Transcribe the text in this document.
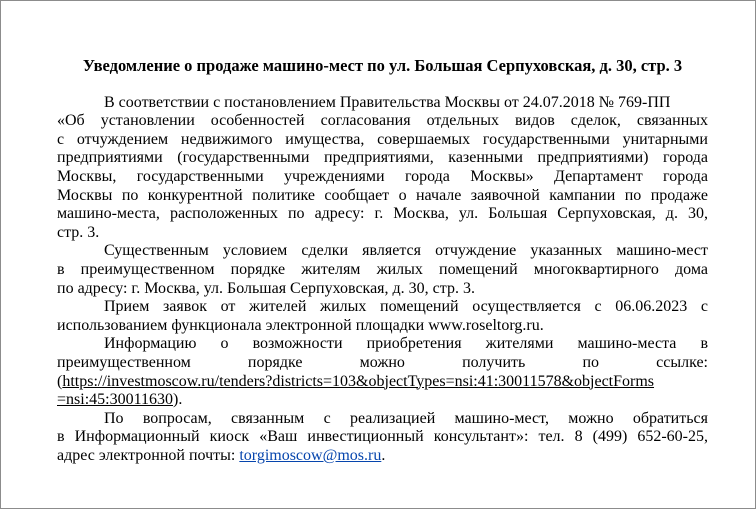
Уведомление о продаже машино-мест по ул. Большая Серпуховская, д. 30, стр. 3
В соответствии с постановлением Правительства Москвы от 24.07.2018 № 769-ПП
«Об установлении особенностей согласования отдельных видов сделок, связанных
с отчуждением недвижимого имущества, совершаемых государственными унитарными
предприятиями (государственными предприятиями, казенными предприятиями) города
Москвы, государственными учреждениями города Москвы» Департамент города
Москвы по конкурентной политике сообщает о начале заявочной кампании по продаже
машино-места, расположенных по адресу: г. Москва, ул. Большая Серпуховская, д. 30,
стр. 3.
Существенным условием сделки является отчуждение указанных машино-мест
в преимущественном порядке жителям жилых помещений многоквартирного дома
по адресу: г. Москва, ул. Большая Серпуховская, д. 30, стр. 3.
Прием заявок от жителей жилых помещений осуществляется с 06.06.2023 с
использованием функционала электронной площадки www.roseltorg.ru.
Информацию о возможности приобретения жителями машино-места в
преимущественном порядке можно получить по ссылке:
(https://investmoscow.ru/tenders?districts=103&objectTypes=nsi:41:30011578&objectForms
=nsi:45:30011630).
По вопросам, связанным с реализацией машино-мест, можно обратиться
в Информационный киоск «Ваш инвестиционный консультант»: тел. 8 (499) 652-60-25,
адрес электронной почты: torgimoscow@mos.ru.
